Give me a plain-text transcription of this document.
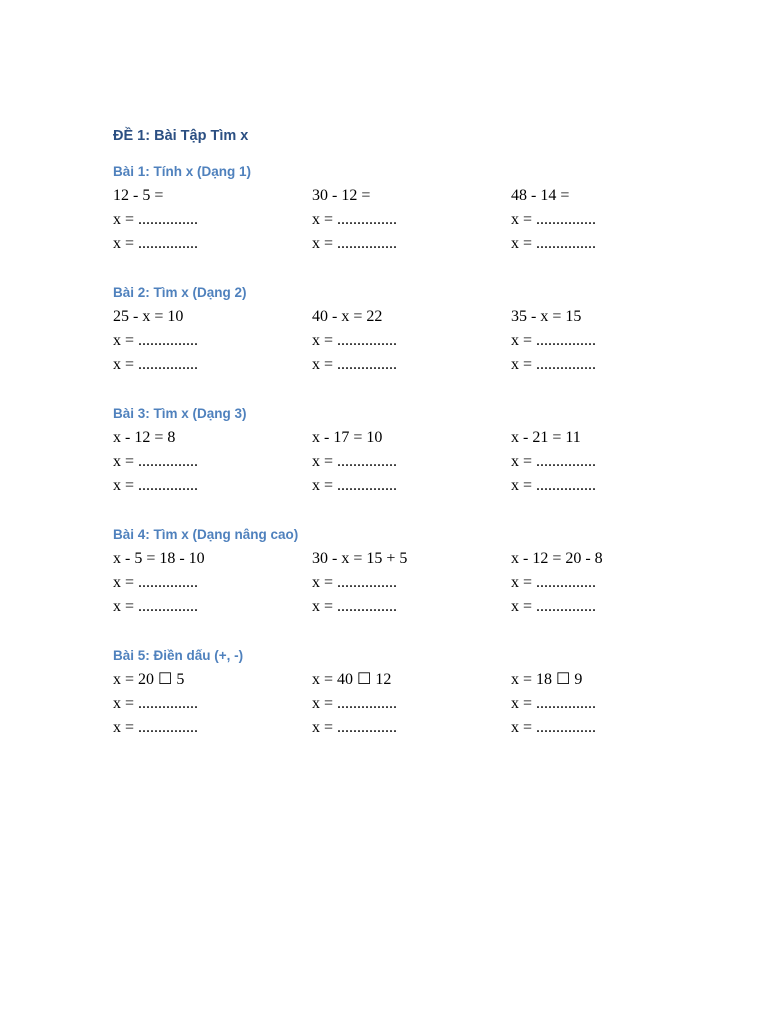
ĐỀ 1: Bài Tập Tìm x
Bài 1: Tính x (Dạng 1)
12 - 5 =	30 - 12 =	48 - 14 =
x = ...............	x = ...............	x = ...............
x = ...............	x = ...............	x = ...............
Bài 2: Tìm x (Dạng 2)
25 - x = 10	40 - x = 22	35 - x = 15
x = ...............	x = ...............	x = ...............
x = ...............	x = ...............	x = ...............
Bài 3: Tìm x (Dạng 3)
x - 12 = 8	x - 17 = 10	x - 21 = 11
x = ...............	x = ...............	x = ...............
x = ...............	x = ...............	x = ...............
Bài 4: Tìm x (Dạng nâng cao)
x - 5 = 18 - 10	30 - x = 15 + 5	x - 12 = 20 - 8
x = ...............	x = ...............	x = ...............
x = ...............	x = ...............	x = ...............
Bài 5: Điền dấu (+, -)
x = 20 ☐ 5	x = 40 ☐ 12	x = 18 ☐ 9
x = ...............	x = ...............	x = ...............
x = ...............	x = ...............	x = ...............
